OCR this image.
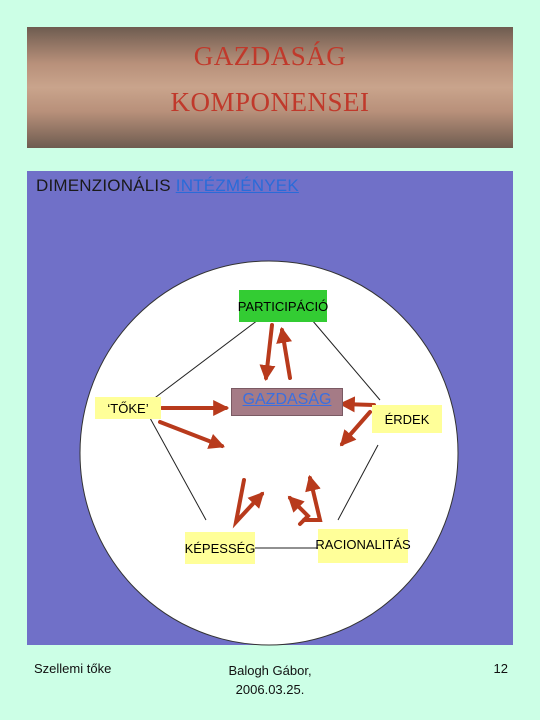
GAZDASÁG
KOMPONENSEI
DIMENZIONÁLIS INTÉZMÉNYEK
PARTICIPÁCIÓ
‘TŐKE’	GAZDASÁG
ÉRDEK
KÉPESSÉG	RACIONALITÁS
Szellemi tőke	Balogh Gábor,
2006.03.25.
12
